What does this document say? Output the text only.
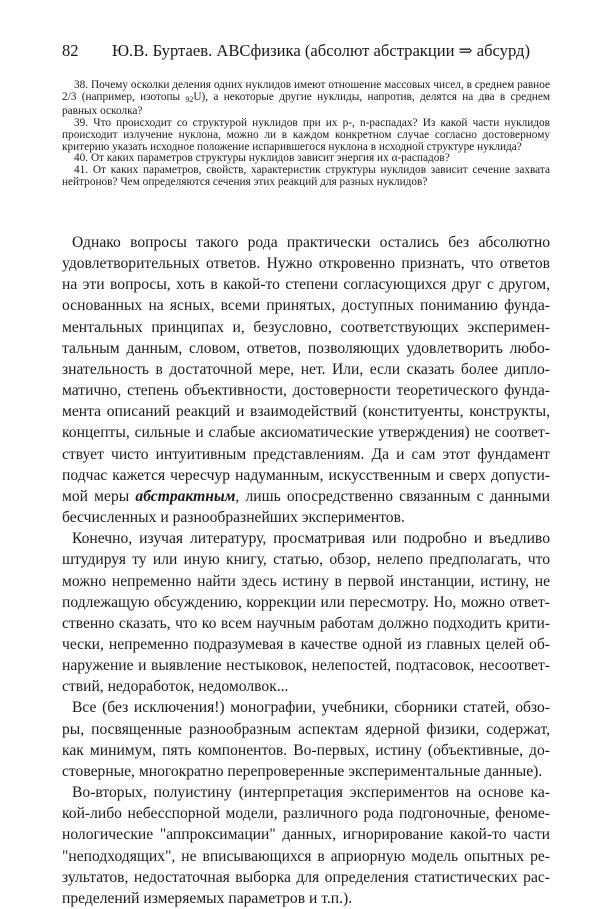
82	Ю.В. Буртаев. ABCфизика (абсолют абстракции ⇒ абсурд)

38. Почему осколки деления одних нуклидов имеют отношение массовых чисел, в среднем равное 2/3 (например, изотопы $_{92}$U), а некоторые другие нуклиды, напротив, делятся на два в среднем равных осколка?

39. Что происходит со структурой нуклидов при их p-, n-распадах? Из какой части нуклидов происходит излучение нуклона, можно ли в каждом конкретном случае согласно достоверному критерию указать исходное положение испарившегося нуклона в исходной структуре нуклида?

40. От каких параметров структуры нуклидов зависит энергия их α-распадов?

41. От каких параметров, свойств, характеристик структуры нуклидов зависит сечение захвата нейтронов? Чем определяются сечения этих реакций для разных нуклидов?

Однако вопросы такого рода практически остались без абсолютно удовлетворительных ответов. Нужно откровенно признать, что ответов на эти вопросы, хоть в какой-то степени согласующихся друг с другом, основанных на ясных, всеми принятых, доступных пониманию фундаментальных принципах и, безусловно, соответствующих экспериментальным данным, словом, ответов, позволяющих удовлетворить любознательность в достаточной мере, нет. Или, если сказать более дипломатично, степень объективности, достоверности теоретического фундамента описаний реакций и взаимодействий (конституенты, конструкты, концепты, сильные и слабые аксиоматические утверждения) не соответствует чисто интуитивным представлениям. Да и сам этот фундамент подчас кажется чересчур надуманным, искусственным и сверх допустимой меры абстрактным, лишь опосредственно связанным с данными бесчисленных и разнообразнейших экспериментов.

Конечно, изучая литературу, просматривая или подробно и въедливо штудируя ту или иную книгу, статью, обзор, нелепо предполагать, что можно непременно найти здесь истину в первой инстанции, истину, не подлежащую обсуждению, коррекции или пересмотру. Но, можно ответственно сказать, что ко всем научным работам должно подходить критически, непременно подразумевая в качестве одной из главных целей обнаружение и выявление нестыковок, нелепостей, подтасовок, несоответствий, недоработок, недомолвок...

Все (без исключения!) монографии, учебники, сборники статей, обзоры, посвященные разнообразным аспектам ядерной физики, содержат, как минимум, пять компонентов. Во-первых, истину (объективные, достоверные, многократно перепроверенные экспериментальные данные).

Во-вторых, полуистину (интерпретация экспериментов на основе какой-либо небесспорной модели, различного рода подгоночные, феноменологические "аппроксимации" данных, игнорирование какой-то части "неподходящих", не вписывающихся в априорную модель опытных результатов, недостаточная выборка для определения статистических распределений измеряемых параметров и т.п.).
